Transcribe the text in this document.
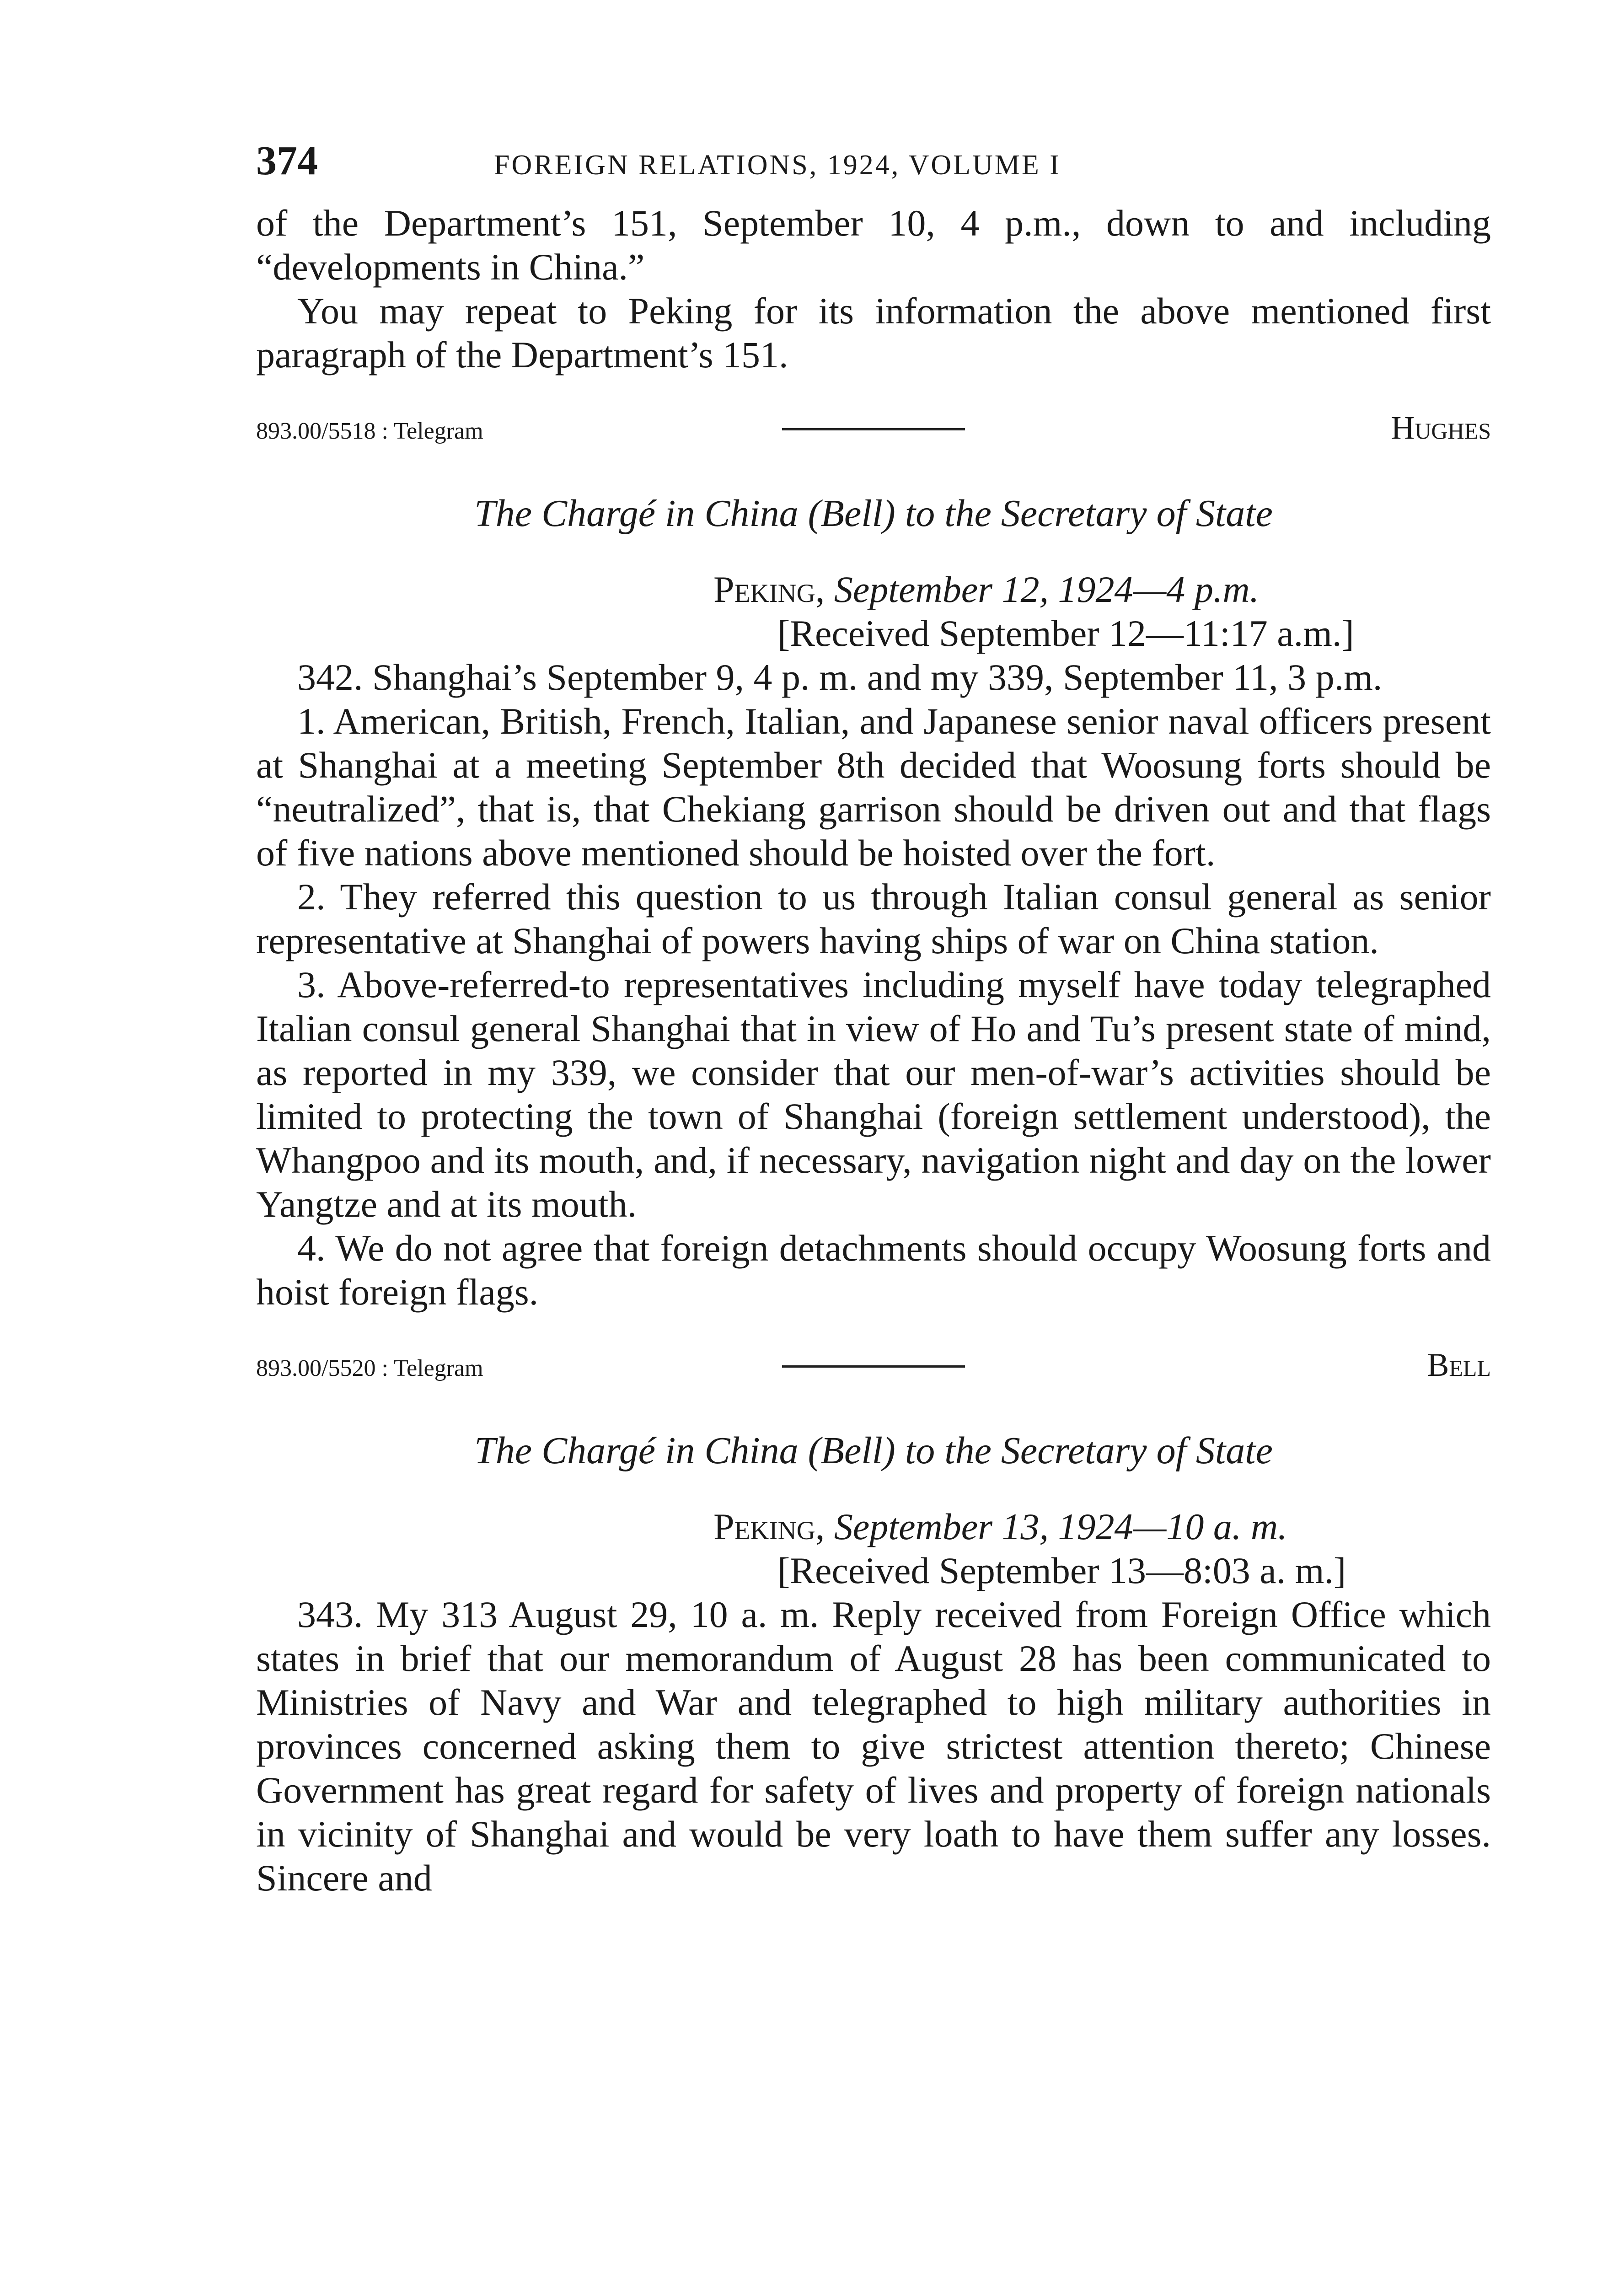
374	FOREIGN RELATIONS, 1924, VOLUME I

of the Department’s 151, September 10, 4 p.m., down to and including “developments in China.”

You may repeat to Peking for its information the above mentioned first paragraph of the Department’s 151.

893.00/5518 : Telegram	Hughes
The Chargé in China (Bell) to the Secretary of State
Peking, September 12, 1924—4 p.m.
[Received September 12—11:17 a.m.]

342. Shanghai’s September 9, 4 p. m. and my 339, September 11, 3 p.m.

1. American, British, French, Italian, and Japanese senior naval officers present at Shanghai at a meeting September 8th decided that Woosung forts should be “neutralized”, that is, that Chekiang garrison should be driven out and that flags of five nations above mentioned should be hoisted over the fort.

2. They referred this question to us through Italian consul general as senior representative at Shanghai of powers having ships of war on China station.

3. Above-referred-to representatives including myself have today telegraphed Italian consul general Shanghai that in view of Ho and Tu’s present state of mind, as reported in my 339, we consider that our men-of-war’s activities should be limited to protecting the town of Shanghai (foreign settlement understood), the Whangpoo and its mouth, and, if necessary, navigation night and day on the lower Yangtze and at its mouth.

4. We do not agree that foreign detachments should occupy Woosung forts and hoist foreign flags.

893.00/5520 : Telegram	Bell
The Chargé in China (Bell) to the Secretary of State
Peking, September 13, 1924—10 a. m.
[Received September 13—8:03 a. m.]

343. My 313 August 29, 10 a. m. Reply received from Foreign Office which states in brief that our memorandum of August 28 has been communicated to Ministries of Navy and War and telegraphed to high military authorities in provinces concerned asking them to give strictest attention thereto; Chinese Government has great regard for safety of lives and property of foreign nationals in vicinity of Shanghai and would be very loath to have them suffer any losses. Sincere and
